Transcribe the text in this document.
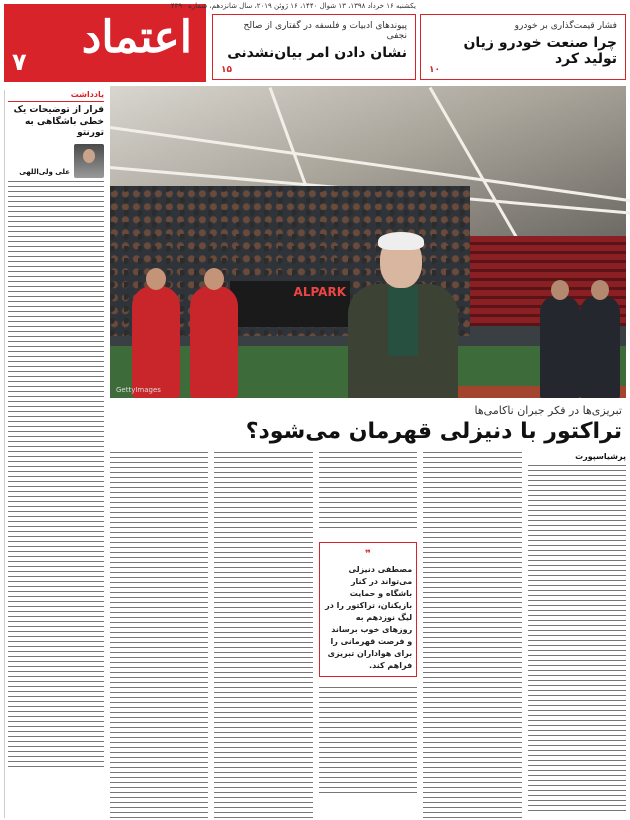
اعتماد
۷
یکشنبه ۱۶ خرداد ۱۳۹۸، ۱۳ شوال ۱۴۴۰، ۱۶ ژوئن ۲۰۱۹، سال شانزدهم، شماره ۴۳۹۰
پیوندهای ادبیات و فلسفه در گفتاری از صالح نجفی
نشان دادن امر بیان‌نشدنی
۱۵
فشار قیمت‌گذاری بر خودرو
چرا صنعت خودرو زیان تولید کرد
۱۰
یادداشت
فرار از توضیحات یک خطی باشگاهی به تورنتو
علی ولی‌اللهی
ALPARK
GettyImages
تبریزی‌ها در فکر جبران ناکامی‌ها
تراکتور با دنیزلی قهرمان می‌شود؟
پرشیاسپورت
❞
مصطفی دنیزلی می‌تواند در کنار باشگاه و حمایت بازیکنان، تراکتور را در لیگ نوزدهم به روزهای خوب برساند و فرصت قهرمانی را برای هواداران تبریزی فراهم کند.
